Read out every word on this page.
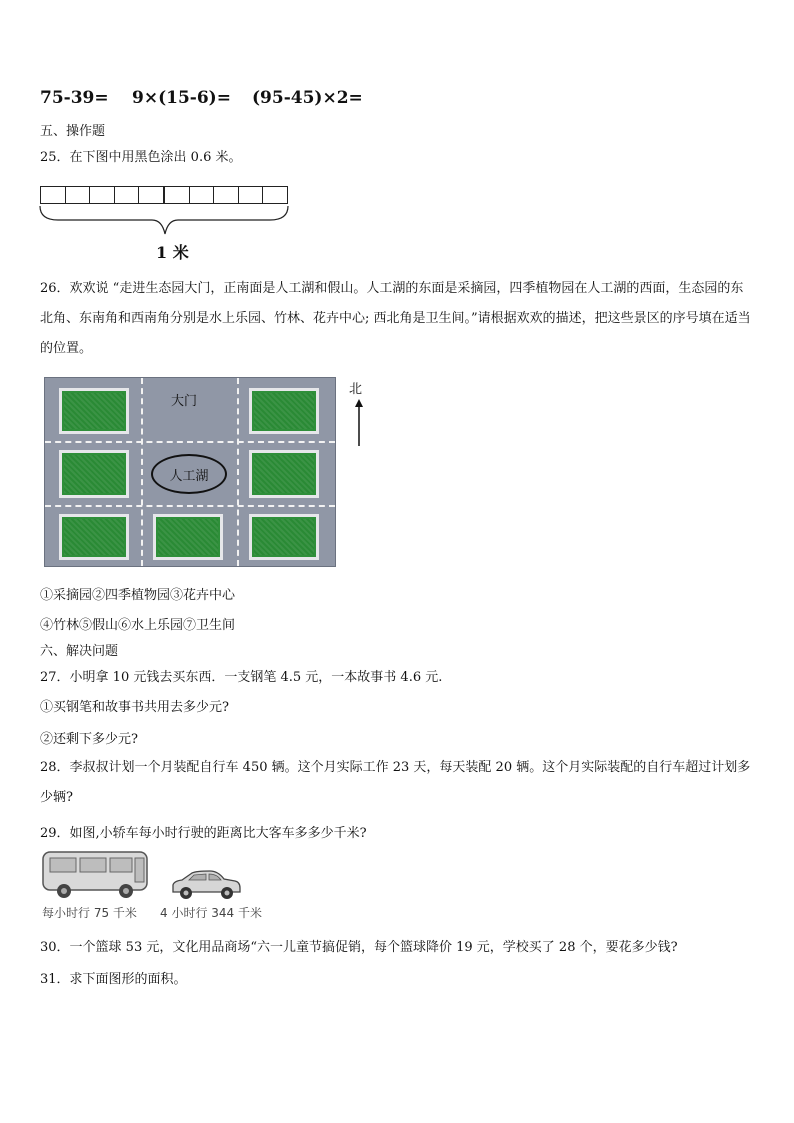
75-39= 9×(15-6)= (95-45)×2=
五、操作题
25．在下图中用黑色涂出 0.6 米。
1 米
26．欢欢说 “走进生态园大门，正南面是人工湖和假山。人工湖的东面是采摘园，四季植物园在人工湖的西面，生态园的东北角、东南角和西南角分别是水上乐园、竹林、花卉中心; 西北角是卫生间。”请根据欢欢的描述，把这些景区的序号填在适当的位置。
大门
人工湖
北
①采摘园②四季植物园③花卉中心
④竹林⑤假山⑥水上乐园⑦卫生间
六、解决问题
27．小明拿 10 元钱去买东西．一支钢笔 4.5 元，一本故事书 4.6 元.
①买钢笔和故事书共用去多少元?
②还剩下多少元?
28．李叔叔计划一个月装配自行车 450 辆。这个月实际工作 23 天，每天装配 20 辆。这个月实际装配的自行车超过计划多少辆?
29．如图,小轿车每小时行驶的距离比大客车多多少千米?
每小时行 75 千米 4 小时行 344 千米
30．一个篮球 53 元，文化用品商场“六一儿童节搞促销，每个篮球降价 19 元，学校买了 28 个，要花多少钱?
31．求下面图形的面积。
